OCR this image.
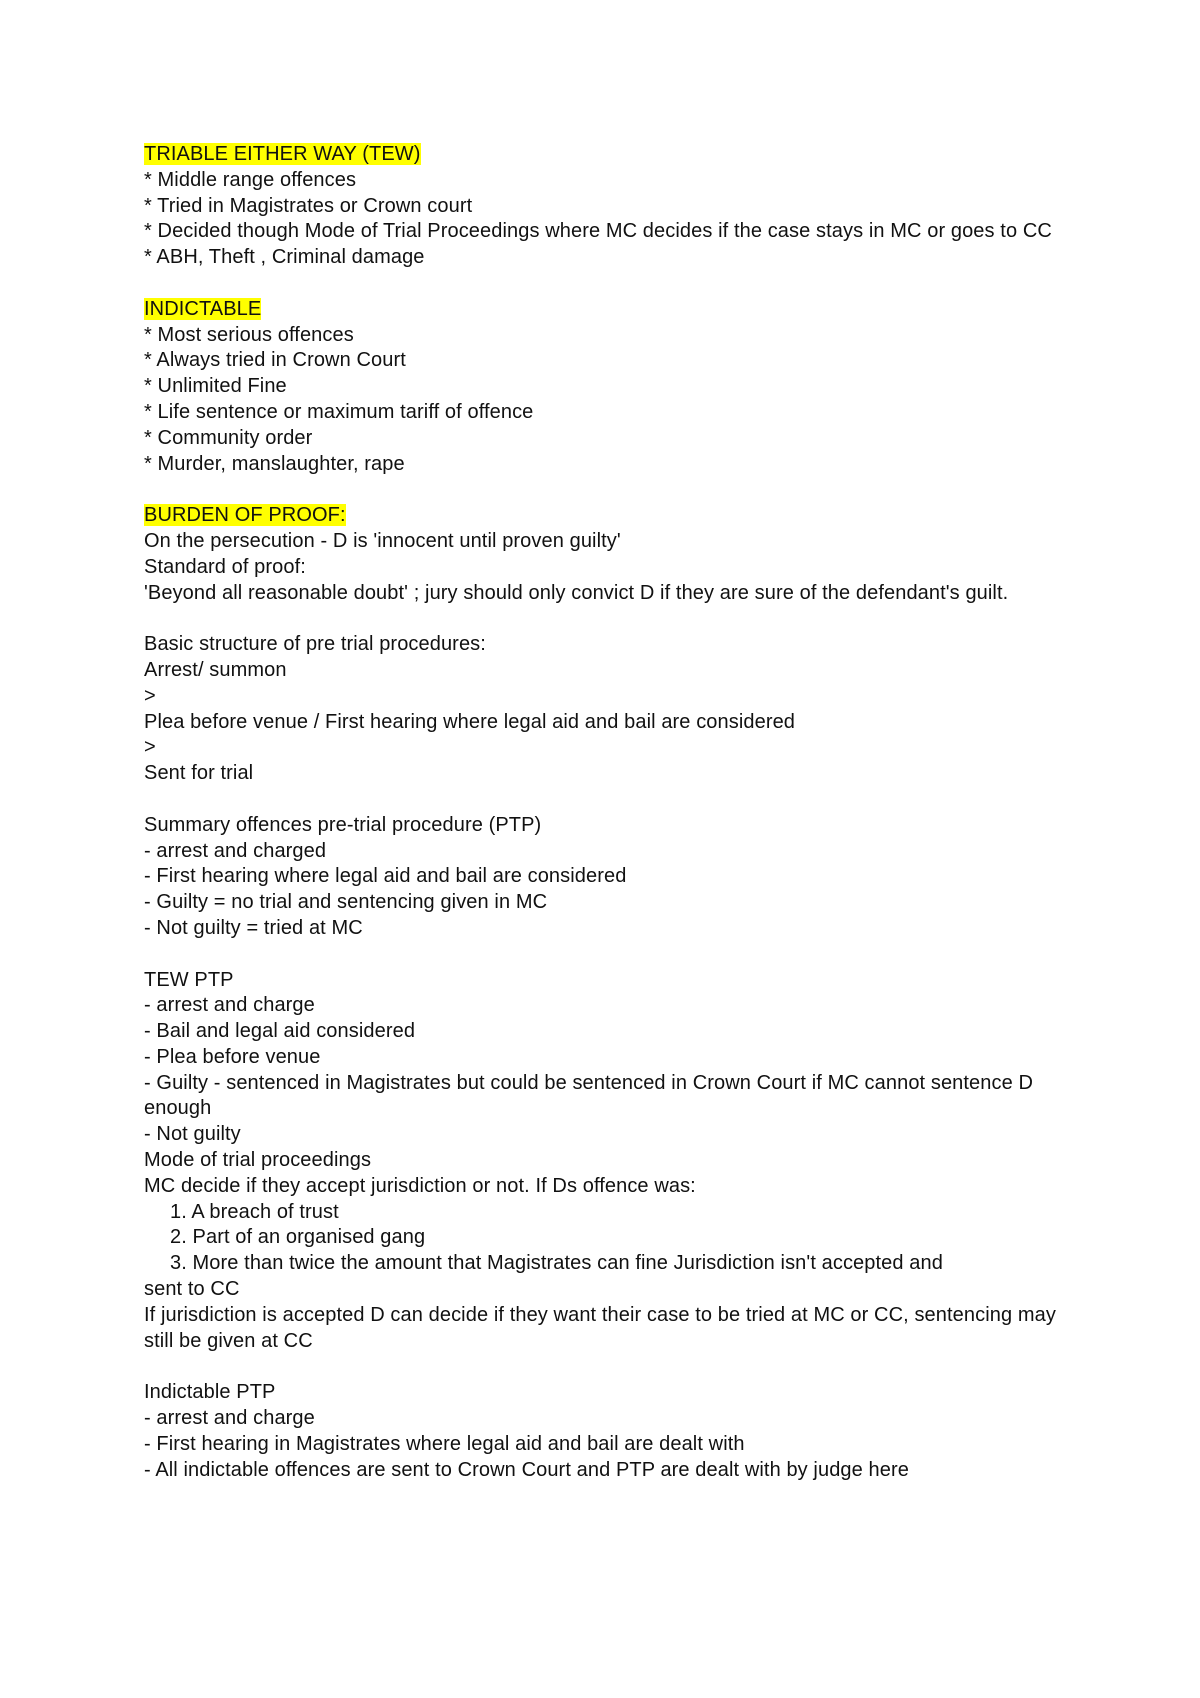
TRIABLE EITHER WAY (TEW)
* Middle range offences
* Tried in Magistrates or Crown court
* Decided though Mode of Trial Proceedings where MC decides if the case stays in MC or goes to CC
* ABH, Theft , Criminal damage
INDICTABLE
* Most serious offences
* Always tried in Crown Court
* Unlimited Fine
* Life sentence or maximum tariff of offence
* Community order
* Murder, manslaughter, rape
BURDEN OF PROOF:
On the persecution - D is 'innocent until proven guilty'
Standard of proof:
'Beyond all reasonable doubt' ; jury should only convict D if they are sure of the defendant's guilt.
Basic structure of pre trial procedures:
Arrest/ summon
>
Plea before venue / First hearing where legal aid and bail are considered
>
Sent for trial
Summary offences pre-trial procedure (PTP)
- arrest and charged
- First hearing where legal aid and bail are considered
- Guilty = no trial and sentencing given in MC
- Not guilty = tried at MC
TEW PTP
- arrest and charge
- Bail and legal aid considered
- Plea before venue
- Guilty - sentenced in Magistrates but could be sentenced in Crown Court if MC cannot sentence D enough
- Not guilty
Mode of trial proceedings
MC decide if they accept jurisdiction or not. If Ds offence was:
1. A breach of trust
2. Part of an organised gang
3. More than twice the amount that Magistrates can fine Jurisdiction isn't accepted and
sent to CC
If jurisdiction is accepted D can decide if they want their case to be tried at MC or CC, sentencing may still be given at CC
Indictable PTP
- arrest and charge
- First hearing in Magistrates where legal aid and bail are dealt with
- All indictable offences are sent to Crown Court and PTP are dealt with by judge here
